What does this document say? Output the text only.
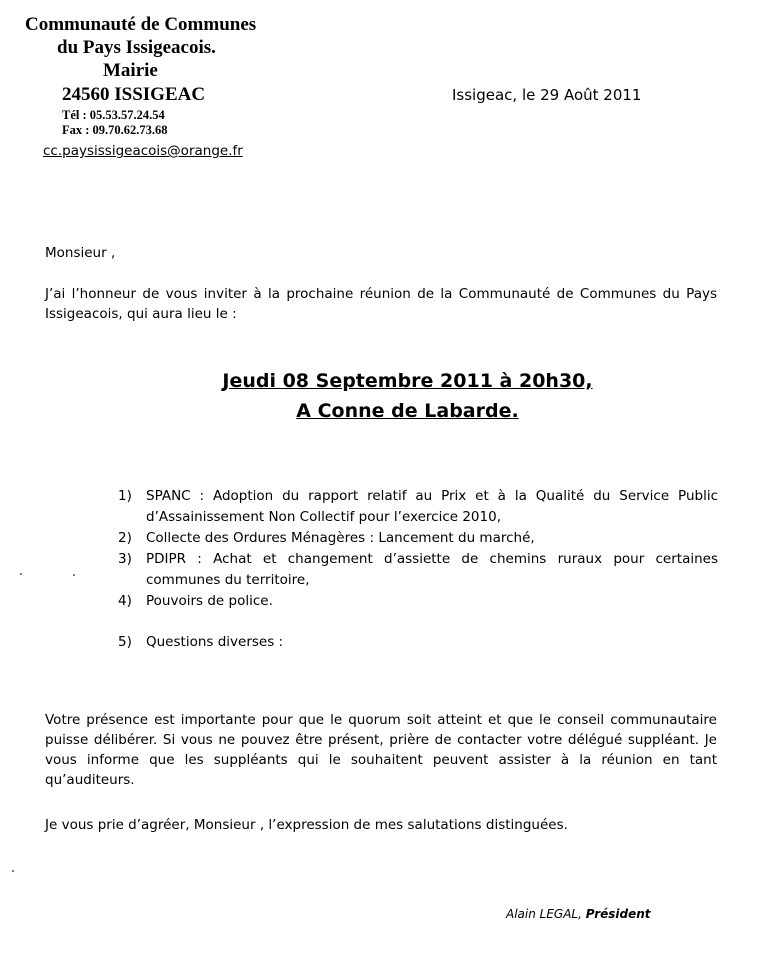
Communauté de Communes
du Pays Issigeacois.
Mairie
24560 ISSIGEAC
Tél : 05.53.57.24.54
Fax : 09.70.62.73.68
cc.paysissigeacois@orange.fr
Issigeac, le 29 Août 2011
Monsieur ,
J’ai l’honneur de vous inviter à la prochaine réunion de la Communauté de Communes du Pays Issigeacois, qui aura lieu le :
Jeudi 08 Septembre 2011 à 20h30,
A Conne de Labarde.
1) SPANC : Adoption du rapport relatif au Prix et à la Qualité du Service Public d’Assainissement Non Collectif pour l’exercice 2010,
2) Collecte des Ordures Ménagères : Lancement du marché,
3) PDIPR : Achat et changement d’assiette de chemins ruraux pour certaines communes du territoire,
4) Pouvoirs de police.
5) Questions diverses :
Votre présence est importante pour que le quorum soit atteint et que le conseil communautaire puisse délibérer. Si vous ne pouvez être présent, prière de contacter votre délégué suppléant. Je vous informe que les suppléants qui le souhaitent peuvent assister à la réunion en tant qu’auditeurs.
Je vous prie d’agréer, Monsieur , l’expression de mes salutations distinguées.
Alain LEGAL, Président
